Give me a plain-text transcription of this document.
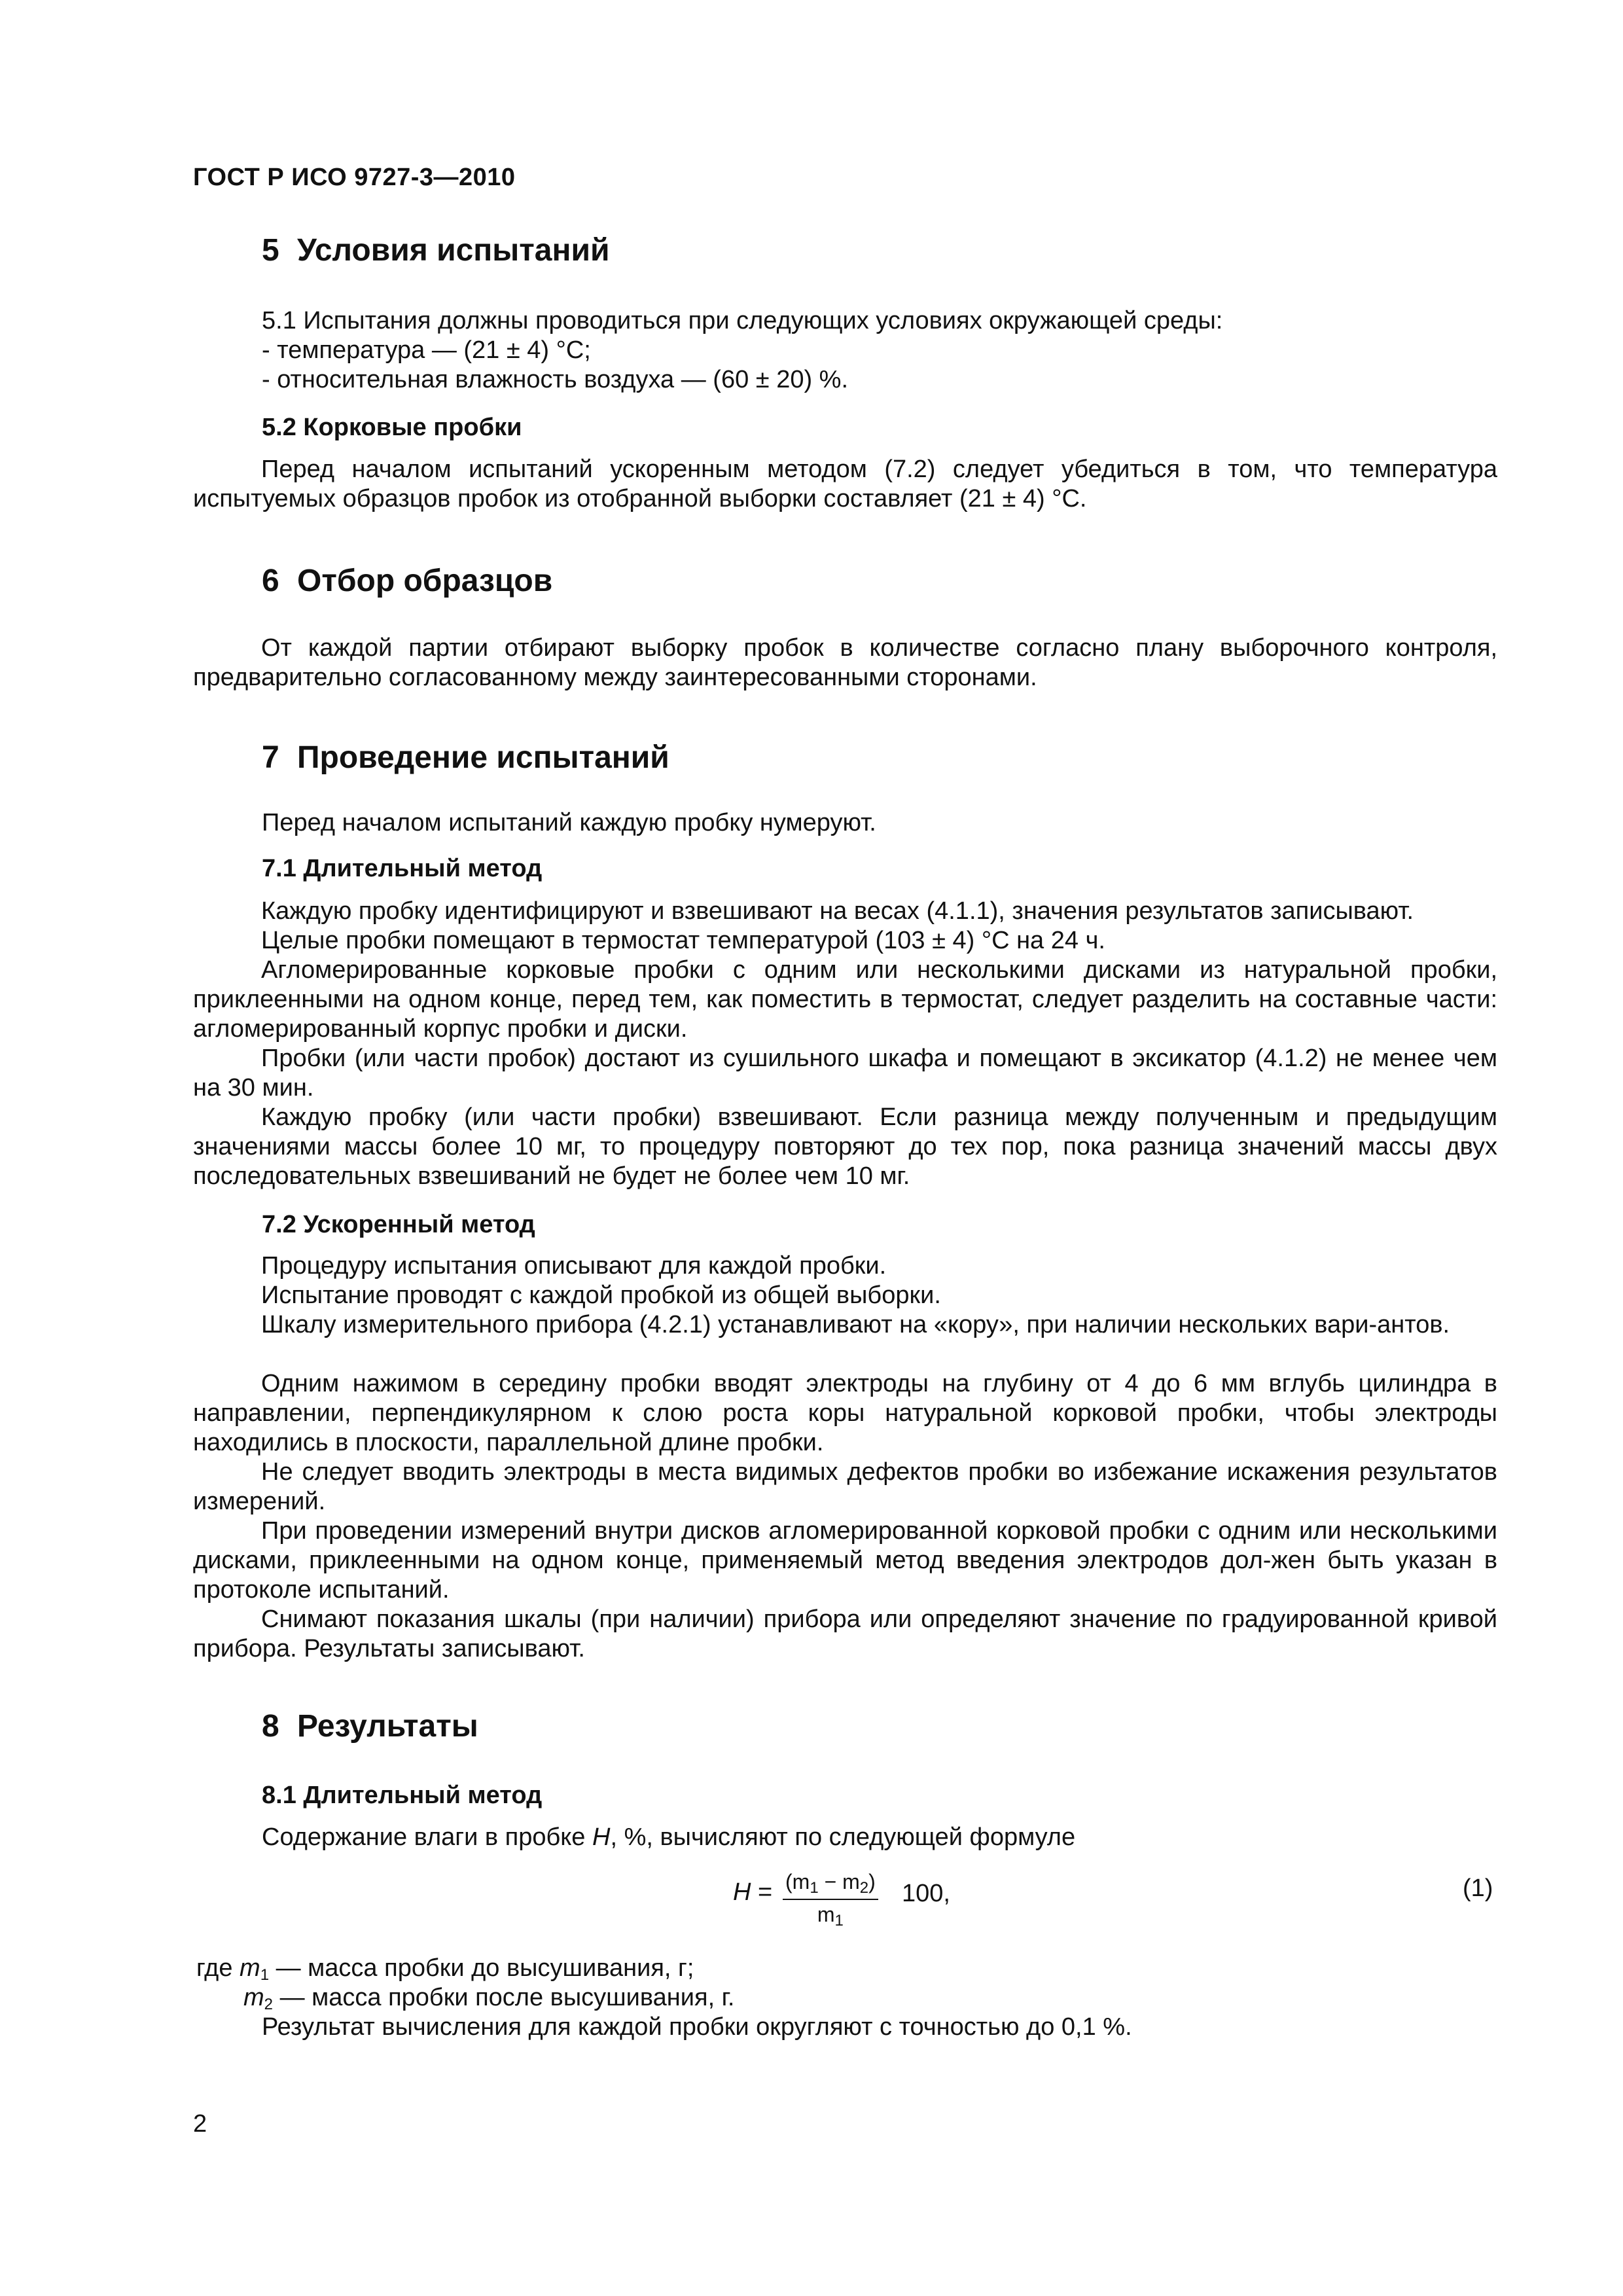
ГОСТ Р ИСО 9727-3—2010
5 Условия испытаний
5.1 Испытания должны проводиться при следующих условиях окружающей среды:
- температура — (21 ± 4) °C;
- относительная влажность воздуха — (60 ± 20) %.
5.2 Корковые пробки
Перед началом испытаний ускоренным методом (7.2) следует убедиться в том, что температура испытуемых образцов пробок из отобранной выборки составляет (21 ± 4) °C.
6 Отбор образцов
От каждой партии отбирают выборку пробок в количестве согласно плану выборочного контроля, предварительно согласованному между заинтересованными сторонами.
7 Проведение испытаний
Перед началом испытаний каждую пробку нумеруют.
7.1 Длительный метод
Каждую пробку идентифицируют и взвешивают на весах (4.1.1), значения результатов записывают.
Целые пробки помещают в термостат температурой (103 ± 4) °C на 24 ч.
Агломерированные корковые пробки с одним или несколькими дисками из натуральной пробки, приклеенными на одном конце, перед тем, как поместить в термостат, следует разделить на составные части: агломерированный корпус пробки и диски.
Пробки (или части пробок) достают из сушильного шкафа и помещают в эксикатор (4.1.2) не менее чем на 30 мин.
Каждую пробку (или части пробки) взвешивают. Если разница между полученным и предыдущим значениями массы более 10 мг, то процедуру повторяют до тех пор, пока разница значений массы двух последовательных взвешиваний не будет не более чем 10 мг.
7.2 Ускоренный метод
Процедуру испытания описывают для каждой пробки.
Испытание проводят с каждой пробкой из общей выборки.
Шкалу измерительного прибора (4.2.1) устанавливают на «кору», при наличии нескольких вари-антов.
Одним нажимом в середину пробки вводят электроды на глубину от 4 до 6 мм вглубь цилиндра в направлении, перпендикулярном к слою роста коры натуральной корковой пробки, чтобы электроды находились в плоскости, параллельной длине пробки.
Не следует вводить электроды в места видимых дефектов пробки во избежание искажения результатов измерений.
При проведении измерений внутри дисков агломерированной корковой пробки с одним или несколькими дисками, приклеенными на одном конце, применяемый метод введения электродов дол-жен быть указан в протоколе испытаний.
Снимают показания шкалы (при наличии) прибора или определяют значение по градуированной кривой прибора. Результаты записывают.
8 Результаты
8.1 Длительный метод
Содержание влаги в пробке H, %, вычисляют по следующей формуле
$H = \frac{(m_1 - m_2)}{m_1} 100$,	(1)
где $m_1$ — масса пробки до высушивания, г;
$m_2$ — масса пробки после высушивания, г.
Результат вычисления для каждой пробки округляют с точностью до 0,1 %.
2
